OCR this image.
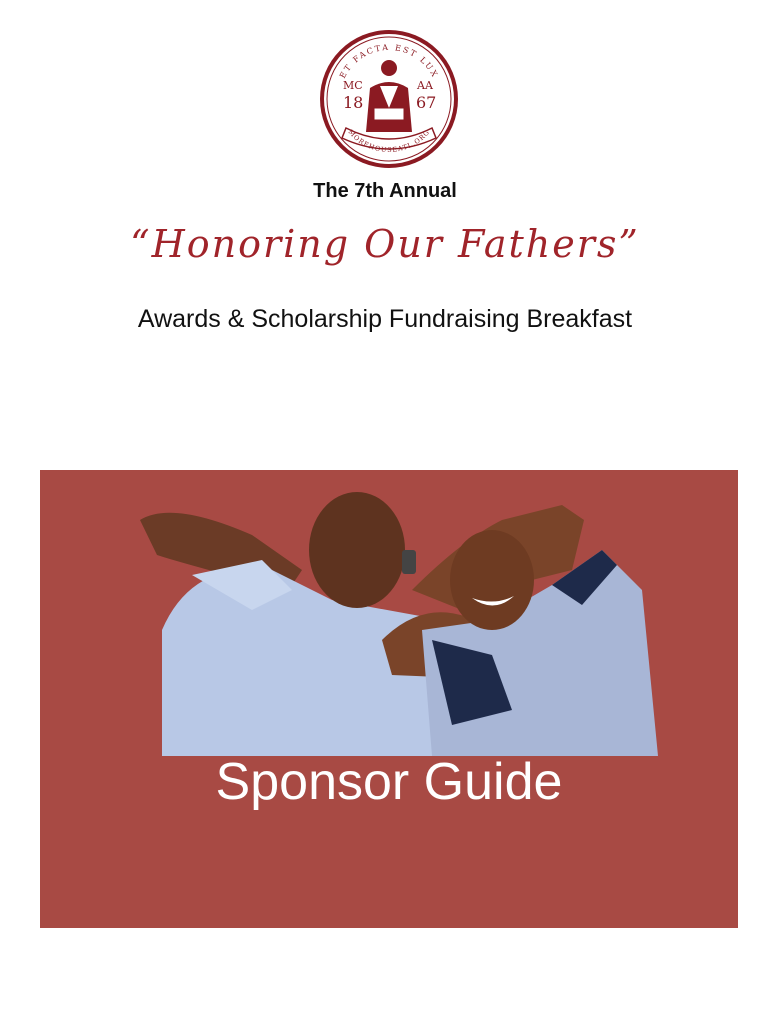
ET FACTA EST LUX
MC
18
AA
67
MOREHOUSEATL.ORG
The 7th Annual
“Honoring Our Fathers”
Awards & Scholarship Fundraising Breakfast
Sponsor Guide
